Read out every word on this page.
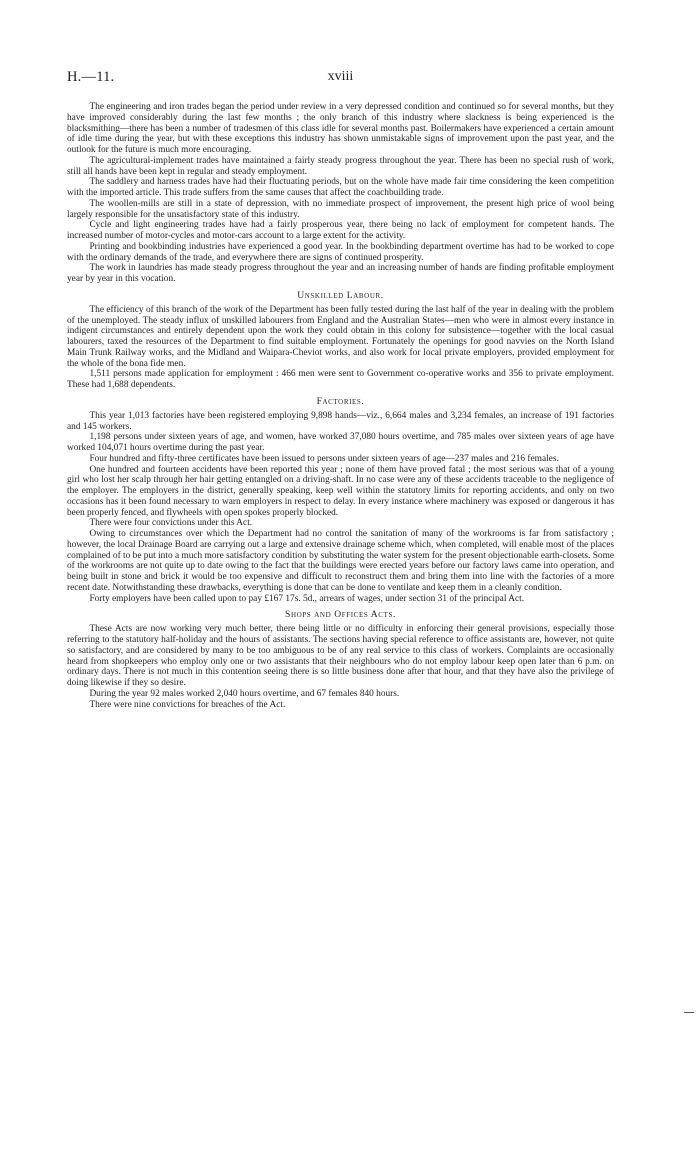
H.—11.	xviii

The engineering and iron trades began the period under review in a very depressed condition and continued so for several months, but they have improved considerably during the last few months ; the only branch of this industry where slackness is being experienced is the blacksmithing—there has been a number of tradesmen of this class idle for several months past. Boilermakers have experienced a certain amount of idle time during the year, but with these exceptions this industry has shown unmistakable signs of improvement upon the past year, and the outlook for the future is much more encouraging.

The agricultural-implement trades have maintained a fairly steady progress throughout the year. There has been no special rush of work, still all hands have been kept in regular and steady employment.

The saddlery and harness trades have had their fluctuating periods, but on the whole have made fair time considering the keen competition with the imported article. This trade suffers from the same causes that affect the coachbuilding trade.

The woollen-mills are still in a state of depression, with no immediate prospect of improvement, the present high price of wool being largely responsible for the unsatisfactory state of this industry.

Cycle and light engineering trades have had a fairly prosperous year, there being no lack of employment for competent hands. The increased number of motor-cycles and motor-cars account to a large extent for the activity.

Printing and bookbinding industries have experienced a good year. In the bookbinding department overtime has had to be worked to cope with the ordinary demands of the trade, and everywhere there are signs of continued prosperity.

The work in laundries has made steady progress throughout the year and an increasing number of hands are finding profitable employment year by year in this vocation.

Unskilled Labour.

The efficiency of this branch of the work of the Department has been fully tested during the last half of the year in dealing with the problem of the unemployed. The steady influx of unskilled labourers from England and the Australian States—men who were in almost every instance in indigent circumstances and entirely dependent upon the work they could obtain in this colony for subsistence—together with the local casual labourers, taxed the resources of the Department to find suitable employment. Fortunately the openings for good navvies on the North Island Main Trunk Railway works, and the Midland and Waipara-Cheviot works, and also work for local private employers, provided employment for the whole of the bona fide men.

1,511 persons made application for employment : 466 men were sent to Government co-operative works and 356 to private employment. These had 1,688 dependents.

Factories.

This year 1,013 factories have been registered employing 9,898 hands—viz., 6,664 males and 3,234 females, an increase of 191 factories and 145 workers.

1,198 persons under sixteen years of age, and women, have worked 37,080 hours overtime, and 785 males over sixteen years of age have worked 104,071 hours overtime during the past year.

Four hundred and fifty-three certificates have been issued to persons under sixteen years of age—237 males and 216 females.

One hundred and fourteen accidents have been reported this year ; none of them have proved fatal ; the most serious was that of a young girl who lost her scalp through her hair getting entangled on a driving-shaft. In no case were any of these accidents traceable to the negligence of the employer. The employers in the district, generally speaking, keep well within the statutory limits for reporting accidents, and only on two occasions has it been found necessary to warn employers in respect to delay. In every instance where machinery was exposed or dangerous it has been properly fenced, and flywheels with open spokes properly blocked.

There were four convictions under this Act.

Owing to circumstances over which the Department had no control the sanitation of many of the workrooms is far from satisfactory ; however, the local Drainage Board are carrying out a large and extensive drainage scheme which, when completed, will enable most of the places complained of to be put into a much more satisfactory condition by substituting the water system for the present objectionable earth-closets. Some of the workrooms are not quite up to date owing to the fact that the buildings were erected years before our factory laws came into operation, and being built in stone and brick it would be too expensive and difficult to reconstruct them and bring them into line with the factories of a more recent date. Notwithstanding these drawbacks, everything is done that can be done to ventilate and keep them in a cleanly condition.

Forty employers have been called upon to pay £167 17s. 5d., arrears of wages, under section 31 of the principal Act.

Shops and Offices Acts.

These Acts are now working very much better, there being little or no difficulty in enforcing their general provisions, especially those referring to the statutory half-holiday and the hours of assistants. The sections having special reference to office assistants are, however, not quite so satisfactory, and are considered by many to be too ambiguous to be of any real service to this class of workers. Complaints are occasionally heard from shopkeepers who employ only one or two assistants that their neighbours who do not employ labour keep open later than 6 p.m. on ordinary days. There is not much in this contention seeing there is so little business done after that hour, and that they have also the privilege of doing likewise if they so desire.

During the year 92 males worked 2,040 hours overtime, and 67 females 840 hours.

There were nine convictions for breaches of the Act.
